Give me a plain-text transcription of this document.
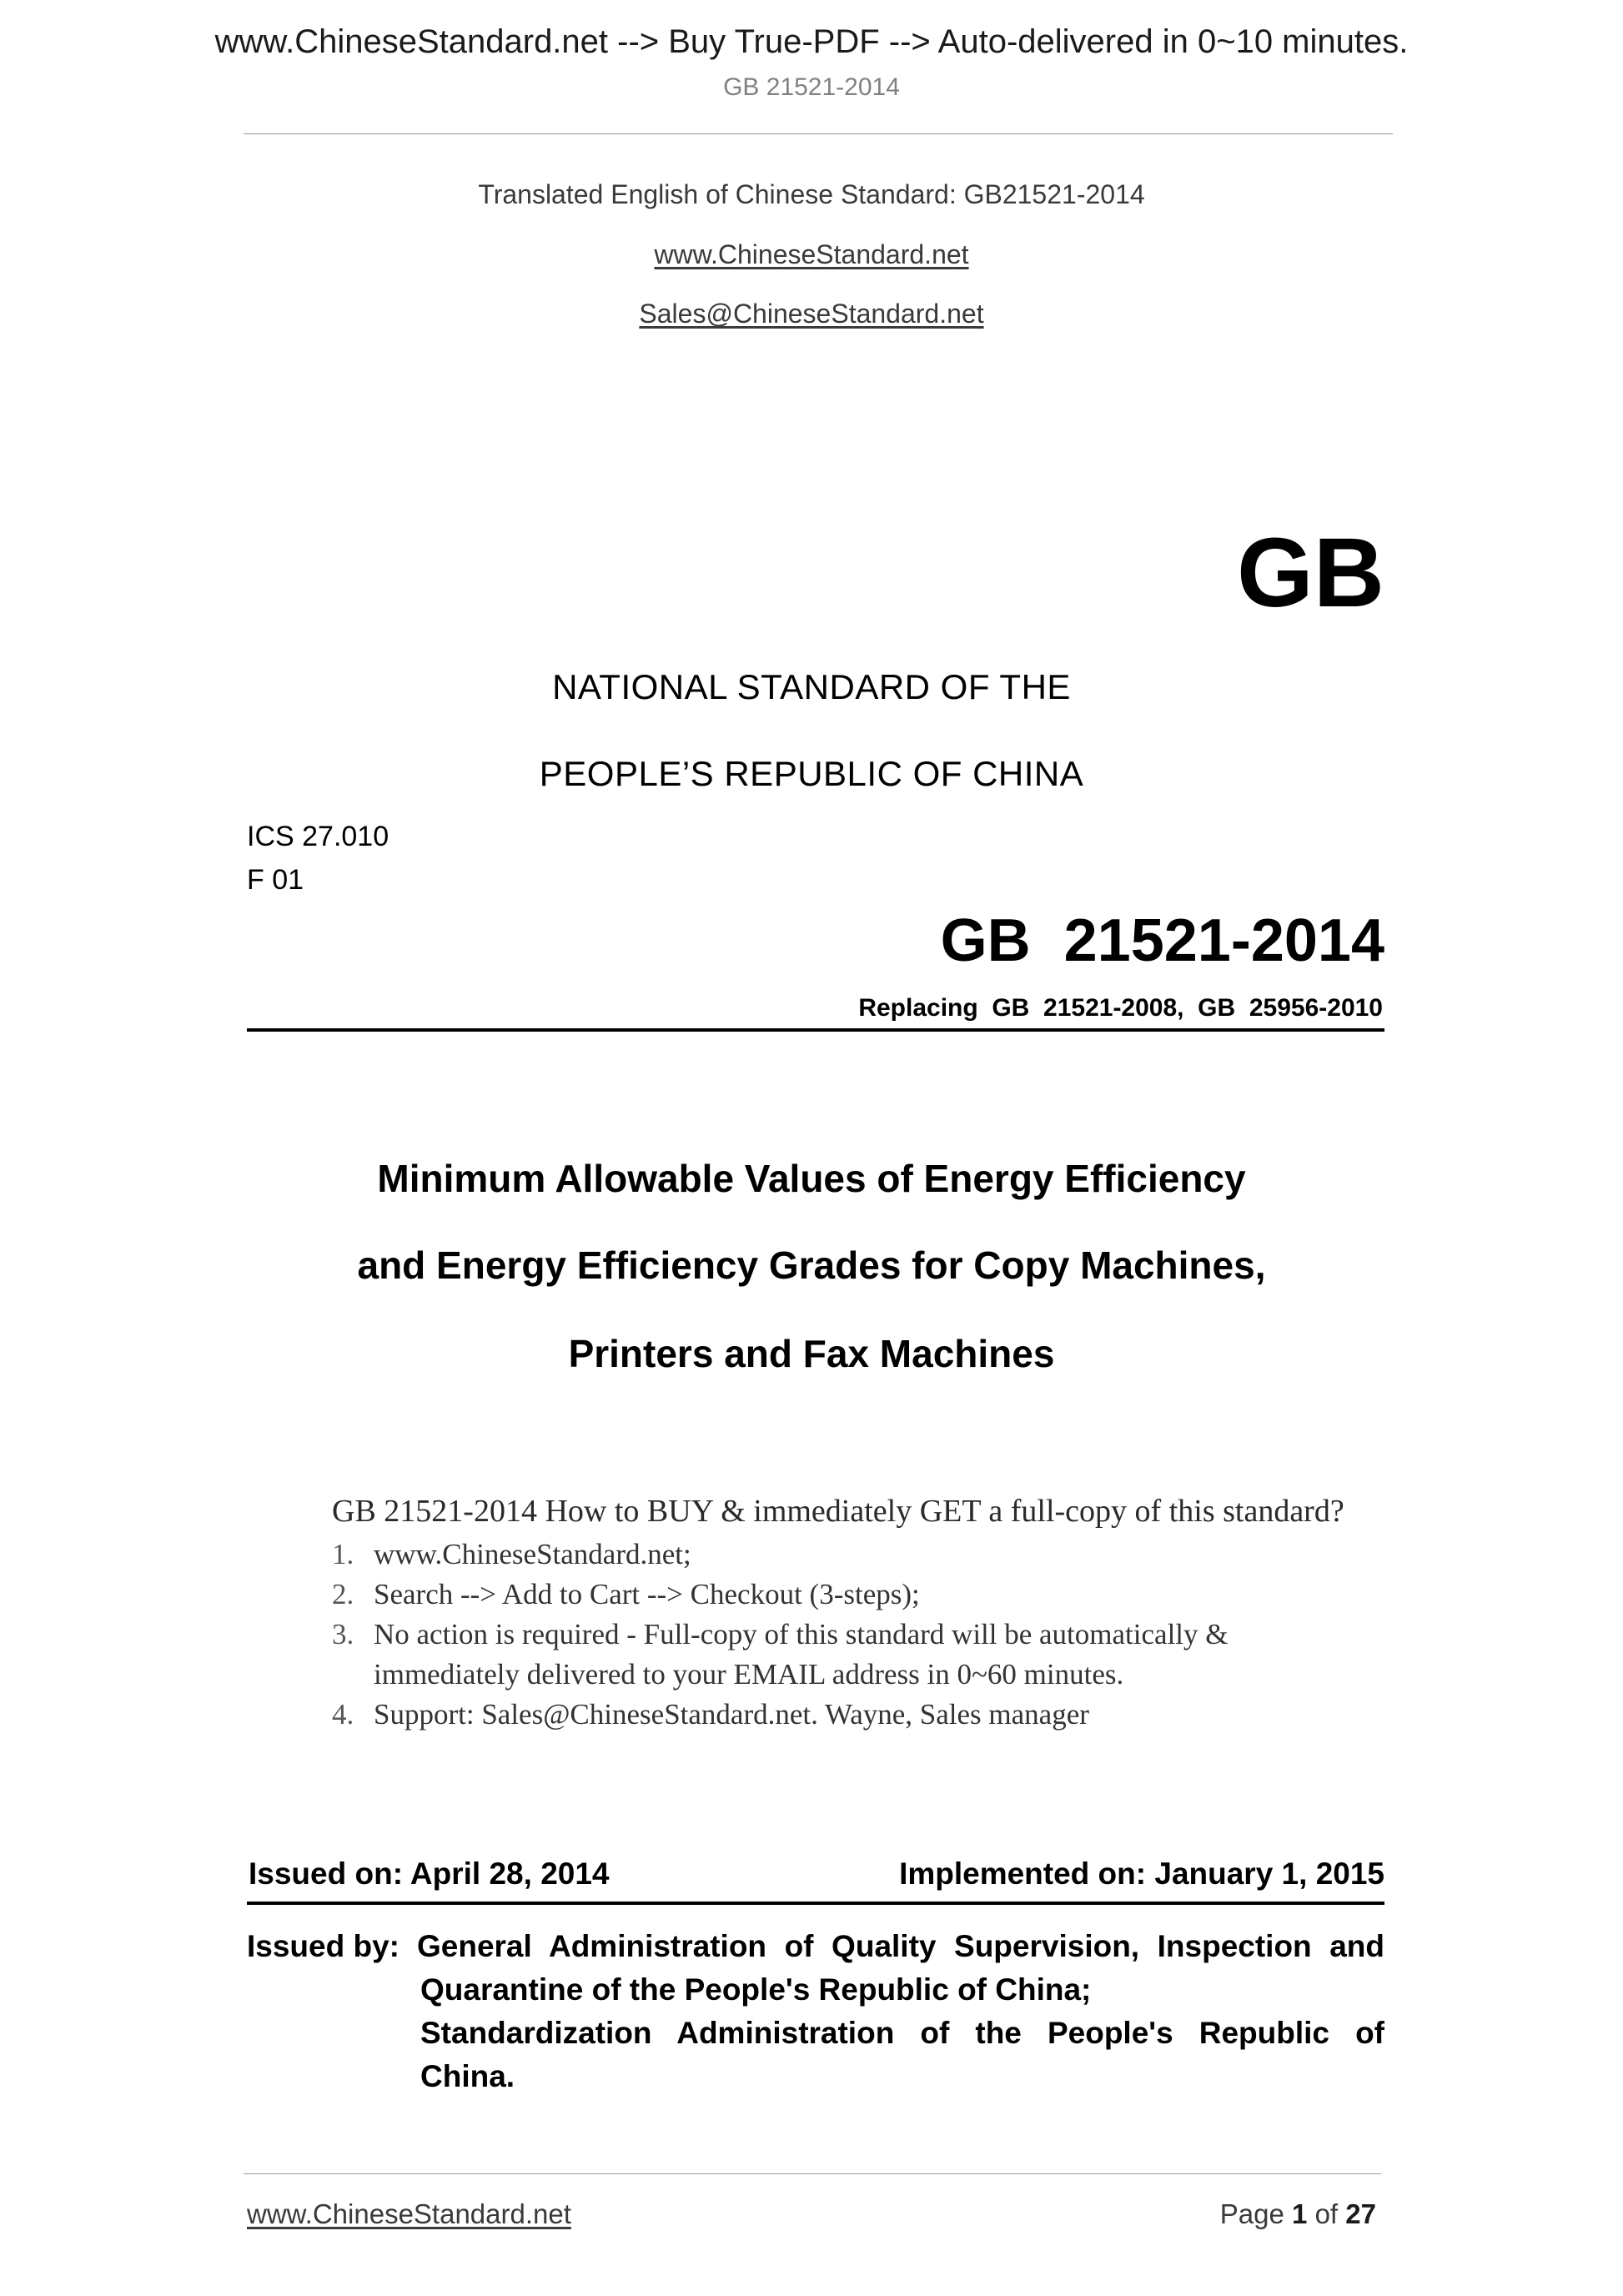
www.ChineseStandard.net --> Buy True-PDF --> Auto-delivered in 0~10 minutes.
GB 21521-2014
Translated English of Chinese Standard: GB21521-2014
www.ChineseStandard.net
Sales@ChineseStandard.net
GB
NATIONAL STANDARD OF THE
PEOPLE’S REPUBLIC OF CHINA
ICS 27.010
F 01
GB  21521-2014
Replacing  GB  21521-2008,  GB  25956-2010
Minimum Allowable Values of Energy Efficiency
and Energy Efficiency Grades for Copy Machines,
Printers and Fax Machines
GB 21521-2014 How to BUY & immediately GET a full-copy of this standard?
1. www.ChineseStandard.net;
2. Search --> Add to Cart --> Checkout (3-steps);
3. No action is required - Full-copy of this standard will be automatically &
immediately delivered to your EMAIL address in 0~60 minutes.
4. Support: Sales@ChineseStandard.net. Wayne, Sales manager
Issued on: April 28, 2014	Implemented on: January 1, 2015
Issued by: General Administration of Quality Supervision, Inspection and
Quarantine of the People's Republic of China;
Standardization Administration of the People's Republic of
China.
www.ChineseStandard.net	Page 1 of 27
